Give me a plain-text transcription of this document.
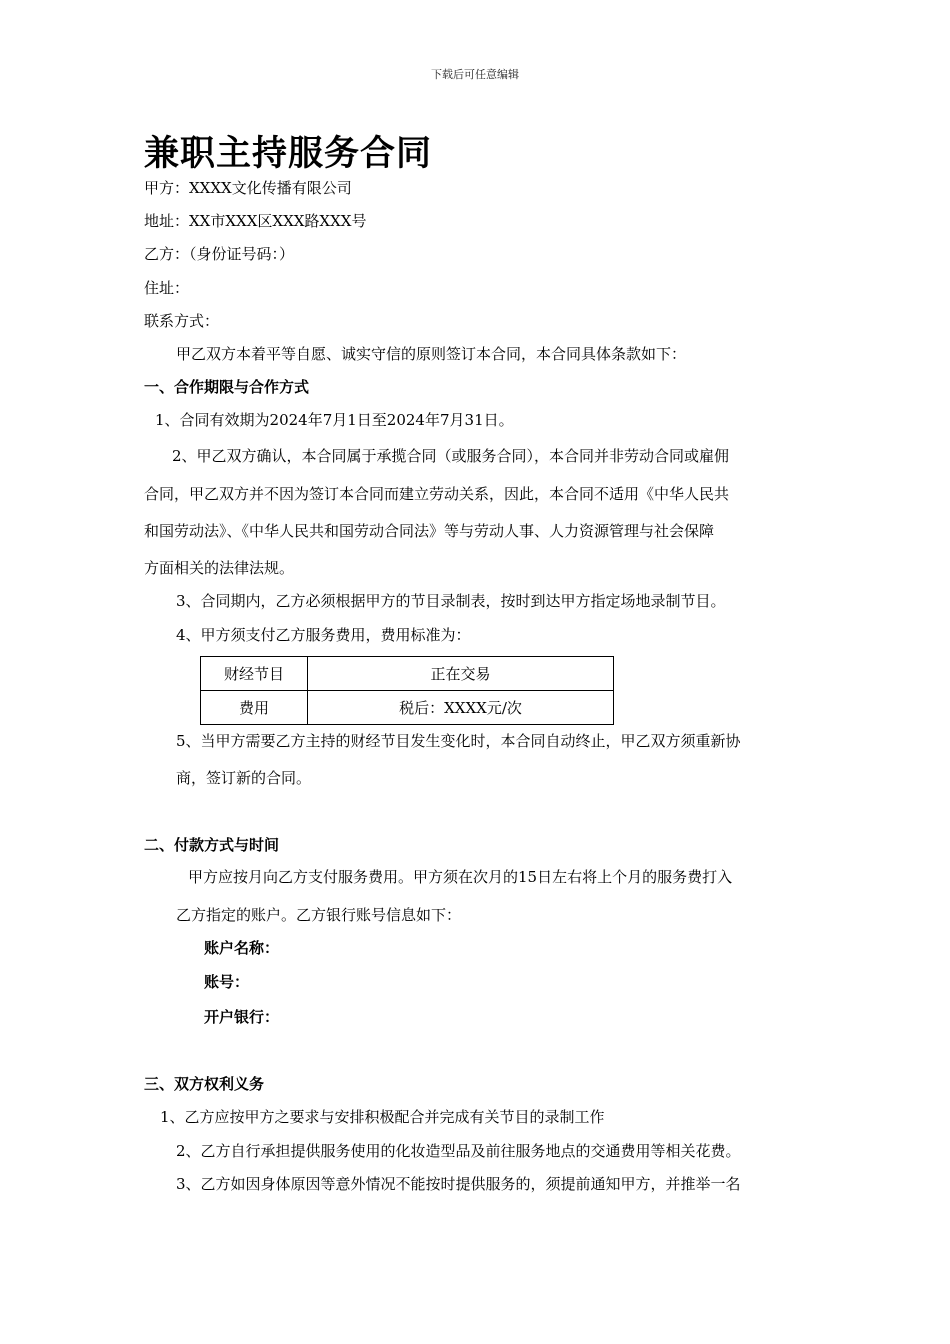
下载后可任意编辑
兼职主持服务合同
甲方：XXXX文化传播有限公司
地址：XX市XXX区XXX路XXX号
乙方：（身份证号码：）
住址：
联系方式：
甲乙双方本着平等自愿、诚实守信的原则签订本合同，本合同具体条款如下：
一、合作期限与合作方式
1、合同有效期为2024年7月1日至2024年7月31日。
2、甲乙双方确认，本合同属于承揽合同（或服务合同），本合同并非劳动合同或雇佣
合同，甲乙双方并不因为签订本合同而建立劳动关系，因此，本合同不适用《中华人民共
和国劳动法》、《中华人民共和国劳动合同法》等与劳动人事、人力资源管理与社会保障
方面相关的法律法规。
3、合同期内，乙方必须根据甲方的节目录制表，按时到达甲方指定场地录制节目。
4、甲方须支付乙方服务费用，费用标准为：
财经节目	正在交易
费用	税后：XXXX元/次
5、当甲方需要乙方主持的财经节目发生变化时，本合同自动终止，甲乙双方须重新协
商，签订新的合同。
二、付款方式与时间
甲方应按月向乙方支付服务费用。甲方须在次月的15日左右将上个月的服务费打入
乙方指定的账户。乙方银行账号信息如下：
账户名称：
账号：
开户银行：
三、双方权利义务
1、乙方应按甲方之要求与安排积极配合并完成有关节目的录制工作
2、乙方自行承担提供服务使用的化妆造型品及前往服务地点的交通费用等相关花费。
3、乙方如因身体原因等意外情况不能按时提供服务的，须提前通知甲方，并推举一名
